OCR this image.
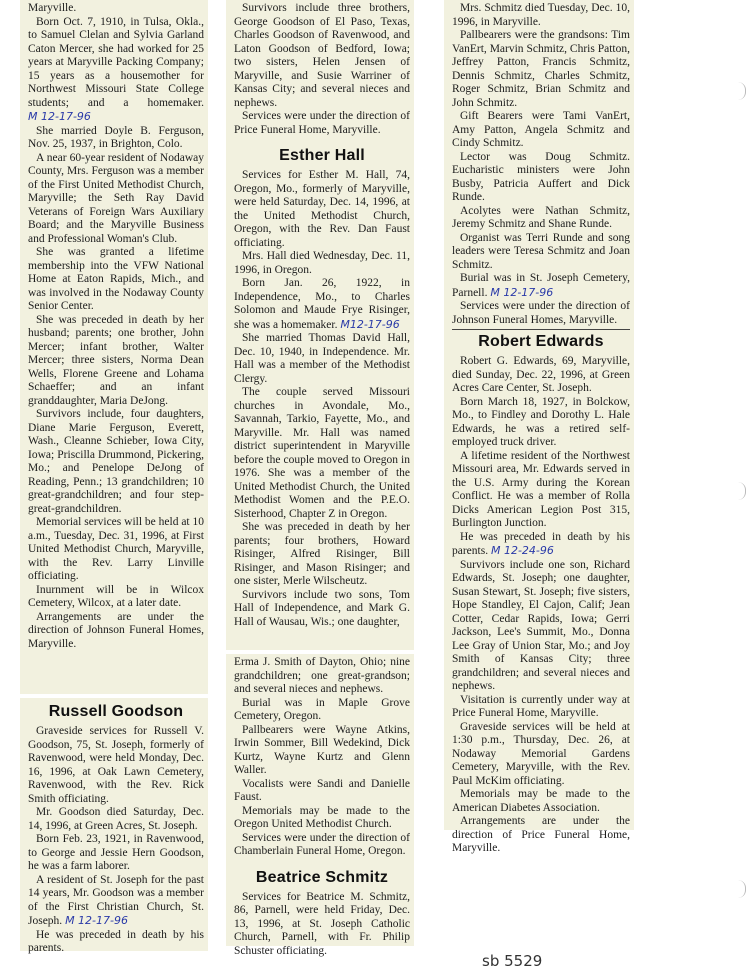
Maryville.

Born Oct. 7, 1910, in Tulsa, Okla., to Samuel Clelan and Sylvia Garland Caton Mercer, she had worked for 25 years at Maryville Packing Company; 15 years as a housemother for Northwest Missouri State College students; and a homemaker. M 12-17-96

She married Doyle B. Ferguson, Nov. 25, 1937, in Brighton, Colo.

A near 60-year resident of Nodaway County, Mrs. Ferguson was a member of the First United Methodist Church, Maryville; the Seth Ray David Veterans of Foreign Wars Auxiliary Board; and the Maryville Business and Professional Woman's Club.

She was granted a lifetime membership into the VFW National Home at Eaton Rapids, Mich., and was involved in the Nodaway County Senior Center.

She was preceded in death by her husband; parents; one brother, John Mercer; infant brother, Walter Mercer; three sisters, Norma Dean Wells, Florene Greene and Lohama Schaeffer; and an infant granddaughter, Maria DeJong.

Survivors include, four daughters, Diane Marie Ferguson, Everett, Wash., Cleanne Schieber, Iowa City, Iowa; Priscilla Drummond, Pickering, Mo.; and Penelope DeJong of Reading, Penn.; 13 grandchildren; 10 great-grandchildren; and four step-great-grandchildren.

Memorial services will be held at 10 a.m., Tuesday, Dec. 31, 1996, at First United Methodist Church, Maryville, with the Rev. Larry Linville officiating.

Inurnment will be in Wilcox Cemetery, Wilcox, at a later date.

Arrangements are under the direction of Johnson Funeral Homes, Maryville.

Russell Goodson

Graveside services for Russell V. Goodson, 75, St. Joseph, formerly of Ravenwood, were held Monday, Dec. 16, 1996, at Oak Lawn Cemetery, Ravenwood, with the Rev. Rick Smith officiating.

Mr. Goodson died Saturday, Dec. 14, 1996, at Green Acres, St. Joseph.

Born Feb. 23, 1921, in Ravenwood, to George and Jessie Hern Goodson, he was a farm laborer.

A resident of St. Joseph for the past 14 years, Mr. Goodson was a member of the First Christian Church, St. Joseph. M 12-17-96

He was preceded in death by his parents.

Survivors include three brothers, George Goodson of El Paso, Texas, Charles Goodson of Ravenwood, and Laton Goodson of Bedford, Iowa; two sisters, Helen Jensen of Maryville, and Susie Warriner of Kansas City; and several nieces and nephews.

Services were under the direction of Price Funeral Home, Maryville.

Esther Hall

Services for Esther M. Hall, 74, Oregon, Mo., formerly of Maryville, were held Saturday, Dec. 14, 1996, at the United Methodist Church, Oregon, with the Rev. Dan Faust officiating.

Mrs. Hall died Wednesday, Dec. 11, 1996, in Oregon.

Born Jan. 26, 1922, in Independence, Mo., to Charles Solomon and Maude Frye Risinger, she was a homemaker. M12-17-96

She married Thomas David Hall, Dec. 10, 1940, in Independence. Mr. Hall was a member of the Methodist Clergy.

The couple served Missouri churches in Avondale, Mo., Savannah, Tarkio, Fayette, Mo., and Maryville. Mr. Hall was named district superintendent in Maryville before the couple moved to Oregon in 1976. She was a member of the United Methodist Church, the United Methodist Women and the P.E.O. Sisterhood, Chapter Z in Oregon.

She was preceded in death by her parents; four brothers, Howard Risinger, Alfred Risinger, Bill Risinger, and Mason Risinger; and one sister, Merle Wilscheutz.

Survivors include two sons, Tom Hall of Independence, and Mark G. Hall of Wausau, Wis.; one daughter,

Erma J. Smith of Dayton, Ohio; nine grandchildren; one great-grandson; and several nieces and nephews.

Burial was in Maple Grove Cemetery, Oregon.

Pallbearers were Wayne Atkins, Irwin Sommer, Bill Wedekind, Dick Kurtz, Wayne Kurtz and Glenn Waller.

Vocalists were Sandi and Danielle Faust.

Memorials may be made to the Oregon United Methodist Church.

Services were under the direction of Chamberlain Funeral Home, Oregon.

Beatrice Schmitz

Services for Beatrice M. Schmitz, 86, Parnell, were held Friday, Dec. 13, 1996, at St. Joseph Catholic Church, Parnell, with Fr. Philip Schuster officiating.

Mrs. Schmitz died Tuesday, Dec. 10, 1996, in Maryville.

Pallbearers were the grandsons: Tim VanErt, Marvin Schmitz, Chris Patton, Jeffrey Patton, Francis Schmitz, Dennis Schmitz, Charles Schmitz, Roger Schmitz, Brian Schmitz and John Schmitz.

Gift Bearers were Tami VanErt, Amy Patton, Angela Schmitz and Cindy Schmitz.

Lector was Doug Schmitz. Eucharistic ministers were John Busby, Patricia Auffert and Dick Runde.

Acolytes were Nathan Schmitz, Jeremy Schmitz and Shane Runde.

Organist was Terri Runde and song leaders were Teresa Schmitz and Joan Schmitz.

Burial was in St. Joseph Cemetery, Parnell. M 12-17-96

Services were under the direction of Johnson Funeral Homes, Maryville.

Robert Edwards

Robert G. Edwards, 69, Maryville, died Sunday, Dec. 22, 1996, at Green Acres Care Center, St. Joseph.

Born March 18, 1927, in Bolckow, Mo., to Findley and Dorothy L. Hale Edwards, he was a retired self-employed truck driver.

A lifetime resident of the Northwest Missouri area, Mr. Edwards served in the U.S. Army during the Korean Conflict. He was a member of Rolla Dicks American Legion Post 315, Burlington Junction.

He was preceded in death by his parents. M 12-24-96

Survivors include one son, Richard Edwards, St. Joseph; one daughter, Susan Stewart, St. Joseph; five sisters, Hope Standley, El Cajon, Calif; Jean Cotter, Cedar Rapids, Iowa; Gerri Jackson, Lee's Summit, Mo., Donna Lee Gray of Union Star, Mo.; and Joy Smith of Kansas City; three grandchildren; and several nieces and nephews.

Visitation is currently under way at Price Funeral Home, Maryville.

Graveside services will be held at 1:30 p.m., Thursday, Dec. 26, at Nodaway Memorial Gardens Cemetery, Maryville, with the Rev. Paul McKim officiating.

Memorials may be made to the American Diabetes Association.

Arrangements are under the direction of Price Funeral Home, Maryville.

sb 5529
